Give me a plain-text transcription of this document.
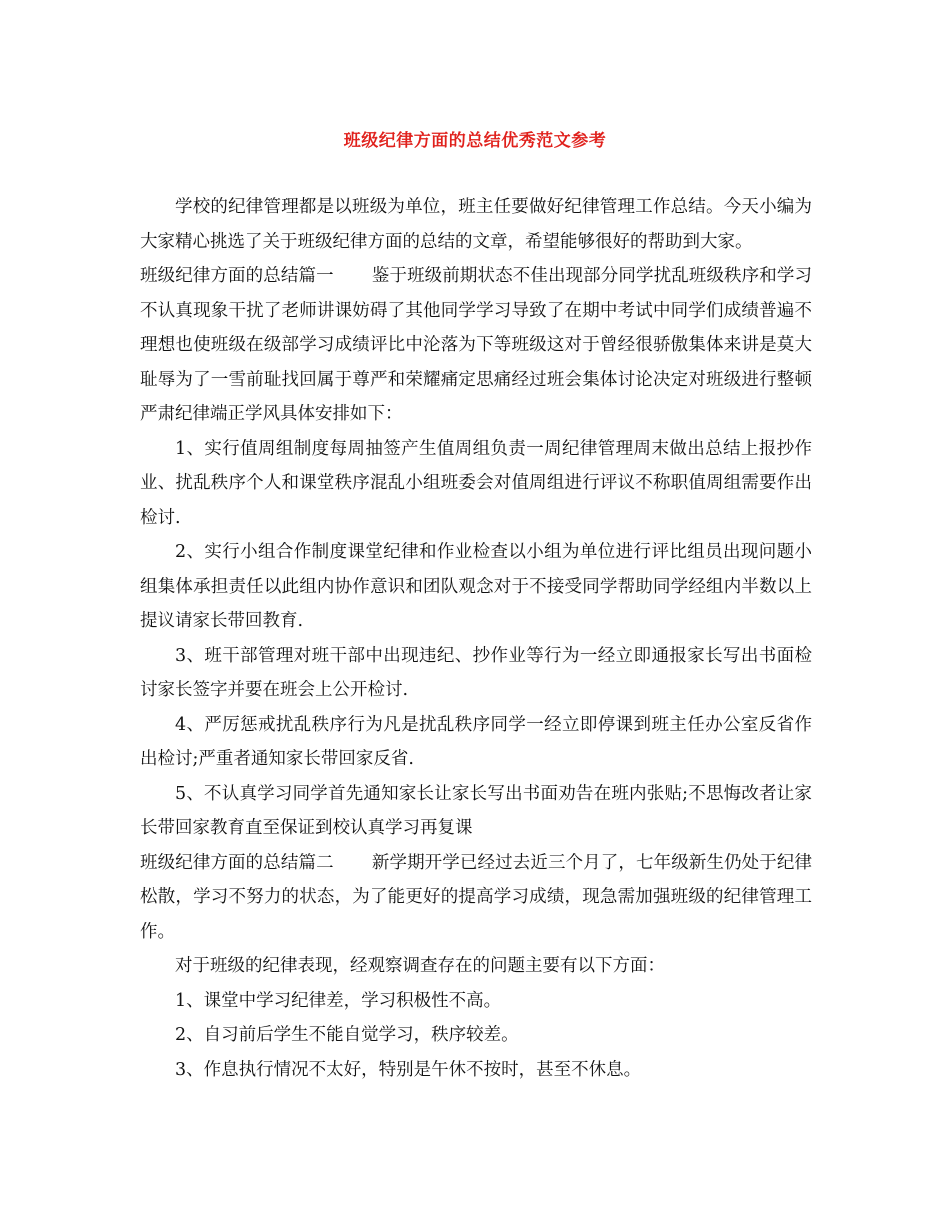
班级纪律方面的总结优秀范文参考

学校的纪律管理都是以班级为单位，班主任要做好纪律管理工作总结。今天小编为大家精心挑选了关于班级纪律方面的总结的文章，希望能够很好的帮助到大家。

班级纪律方面的总结篇一 鉴于班级前期状态不佳出现部分同学扰乱班级秩序和学习不认真现象干扰了老师讲课妨碍了其他同学学习导致了在期中考试中同学们成绩普遍不理想也使班级在级部学习成绩评比中沦落为下等班级这对于曾经很骄傲集体来讲是莫大耻辱为了一雪前耻找回属于尊严和荣耀痛定思痛经过班会集体讨论决定对班级进行整顿严肃纪律端正学风具体安排如下：

1、实行值周组制度每周抽签产生值周组负责一周纪律管理周末做出总结上报抄作业、扰乱秩序个人和课堂秩序混乱小组班委会对值周组进行评议不称职值周组需要作出检讨.

2、实行小组合作制度课堂纪律和作业检查以小组为单位进行评比组员出现问题小组集体承担责任以此组内协作意识和团队观念对于不接受同学帮助同学经组内半数以上提议请家长带回教育.

3、班干部管理对班干部中出现违纪、抄作业等行为一经立即通报家长写出书面检讨家长签字并要在班会上公开检讨.

4、严厉惩戒扰乱秩序行为凡是扰乱秩序同学一经立即停课到班主任办公室反省作出检讨;严重者通知家长带回家反省.

5、不认真学习同学首先通知家长让家长写出书面劝告在班内张贴;不思悔改者让家长带回家教育直至保证到校认真学习再复课

班级纪律方面的总结篇二 新学期开学已经过去近三个月了，七年级新生仍处于纪律松散，学习不努力的状态，为了能更好的提高学习成绩，现急需加强班级的纪律管理工作。

对于班级的纪律表现，经观察调查存在的问题主要有以下方面：

1、课堂中学习纪律差，学习积极性不高。

2、自习前后学生不能自觉学习，秩序较差。

3、作息执行情况不太好，特别是午休不按时，甚至不休息。
